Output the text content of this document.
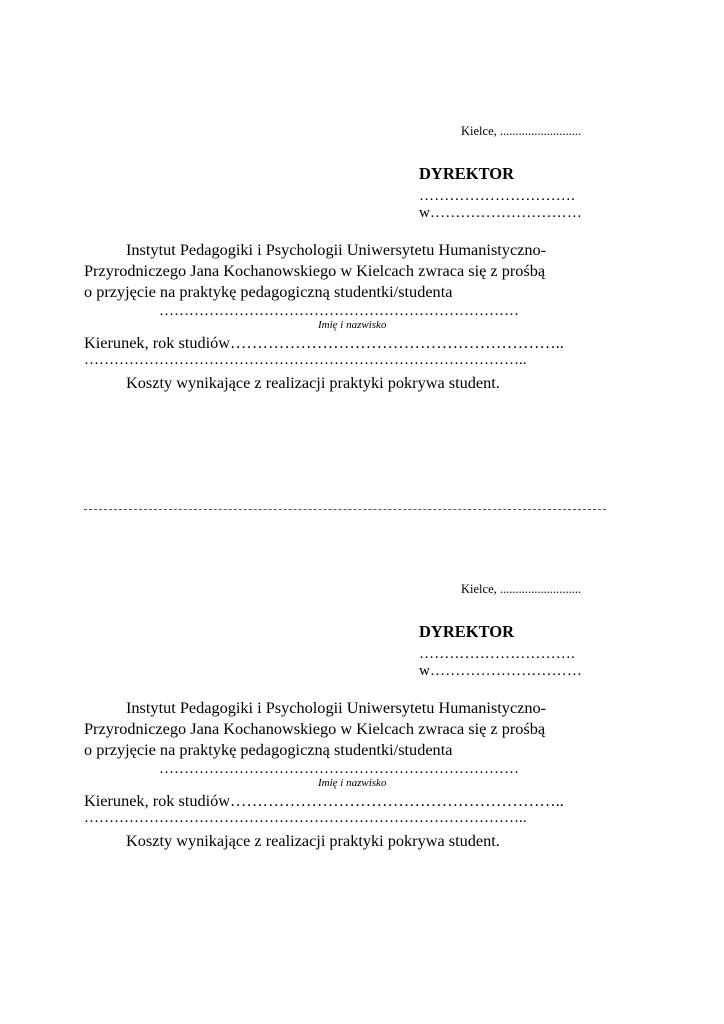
Kielce, ..........................
DYREKTOR
………………………….
w…………………………
Instytut Pedagogiki i Psychologii Uniwersytetu Humanistyczno-
Przyrodniczego Jana Kochanowskiego w Kielcach zwraca się z prośbą
o przyjęcie na praktykę pedagogiczną studentki/studenta
………………………………………………………………
Imię i nazwisko
Kierunek, rok studiów……………………………………………………..
……………………………………………………………………………..
Koszty wynikające z realizacji praktyki pokrywa student.
Kielce, ..........................
DYREKTOR
………………………….
w…………………………
Instytut Pedagogiki i Psychologii Uniwersytetu Humanistyczno-
Przyrodniczego Jana Kochanowskiego w Kielcach zwraca się z prośbą
o przyjęcie na praktykę pedagogiczną studentki/studenta
………………………………………………………………
Imię i nazwisko
Kierunek, rok studiów……………………………………………………..
……………………………………………………………………………..
Koszty wynikające z realizacji praktyki pokrywa student.
